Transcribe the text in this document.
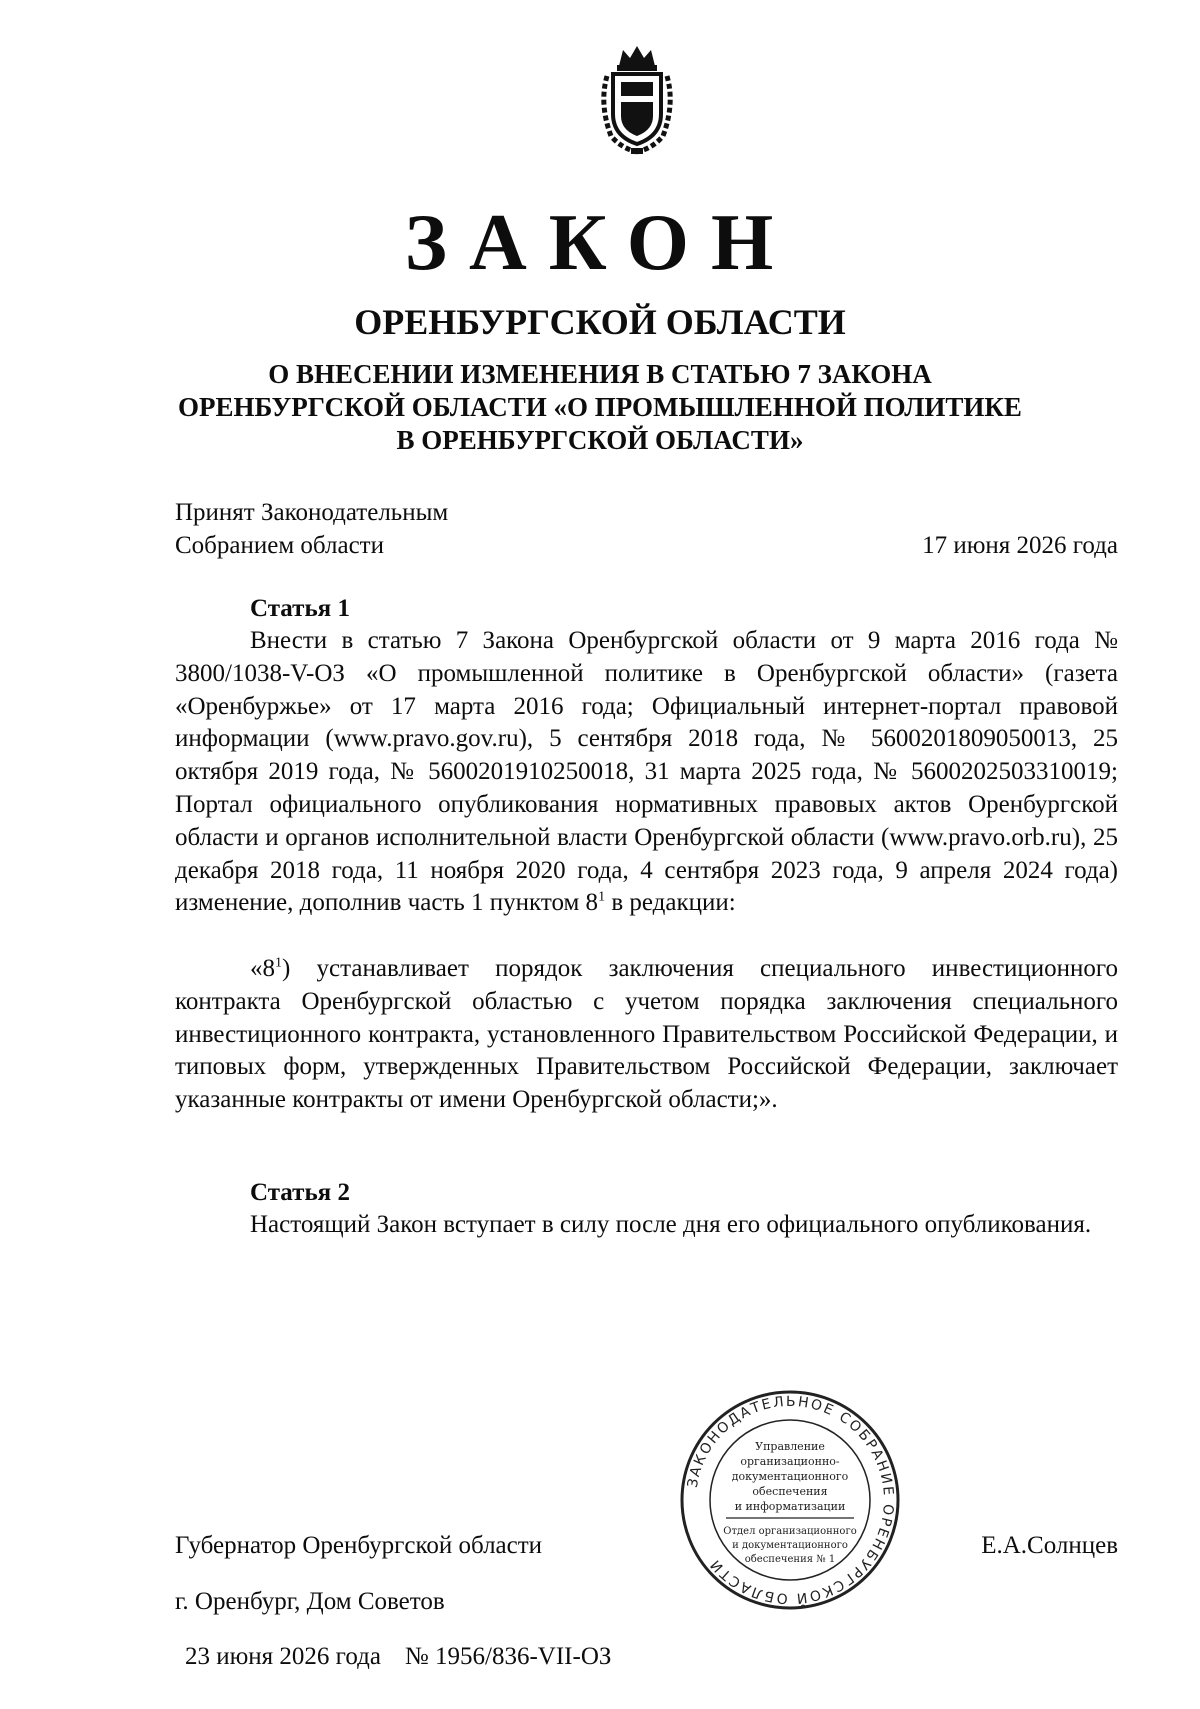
ЗАКОН
ОРЕНБУРГСКОЙ ОБЛАСТИ
О ВНЕСЕНИИ ИЗМЕНЕНИЯ В СТАТЬЮ 7 ЗАКОНА
ОРЕНБУРГСКОЙ ОБЛАСТИ «О ПРОМЫШЛЕННОЙ ПОЛИТИКЕ
В ОРЕНБУРГСКОЙ ОБЛАСТИ»
Принят Законодательным
Собранием области	17 июня 2026 года
Статья 1
Внести в статью 7 Закона Оренбургской области от 9 марта 2016 года № 3800/1038-V-ОЗ «О промышленной политике в Оренбургской области» (газета «Оренбуржье» от 17 марта 2016 года; Официальный интернет-портал правовой информации (www.pravo.gov.ru), 5 сентября 2018 года, № 5600201809050013, 25 октября 2019 года, № 5600201910250018, 31 марта 2025 года, № 5600202503310019; Портал официального опубликования нормативных правовых актов Оренбургской области и органов исполнительной власти Оренбургской области (www.pravo.orb.ru), 25 декабря 2018 года, 11 ноября 2020 года, 4 сентября 2023 года, 9 апреля 2024 года) изменение, дополнив часть 1 пунктом $8^1$ в редакции:
«$8^1$) устанавливает порядок заключения специального инвестиционного контракта Оренбургской областью с учетом порядка заключения специального инвестиционного контракта, установленного Правительством Российской Федерации, и типовых форм, утвержденных Правительством Российской Федерации, заключает указанные контракты от имени Оренбургской области;».
Статья 2
Настоящий Закон вступает в силу после дня его официального опубликования.
Губернатор Оренбургской области	Е.А.Солнцев
г. Оренбург, Дом Советов
23 июня 2026 года № 1956/836-VII-ОЗ
ЗАКОНОДАТЕЛЬНОЕ СОБРАНИЕ ОРЕНБУРГСКОЙ ОБЛАСТИ
Управление
организационно-
документационного
обеспечения
и информатизации
Отдел организационного
и документационного
обеспечения № 1
